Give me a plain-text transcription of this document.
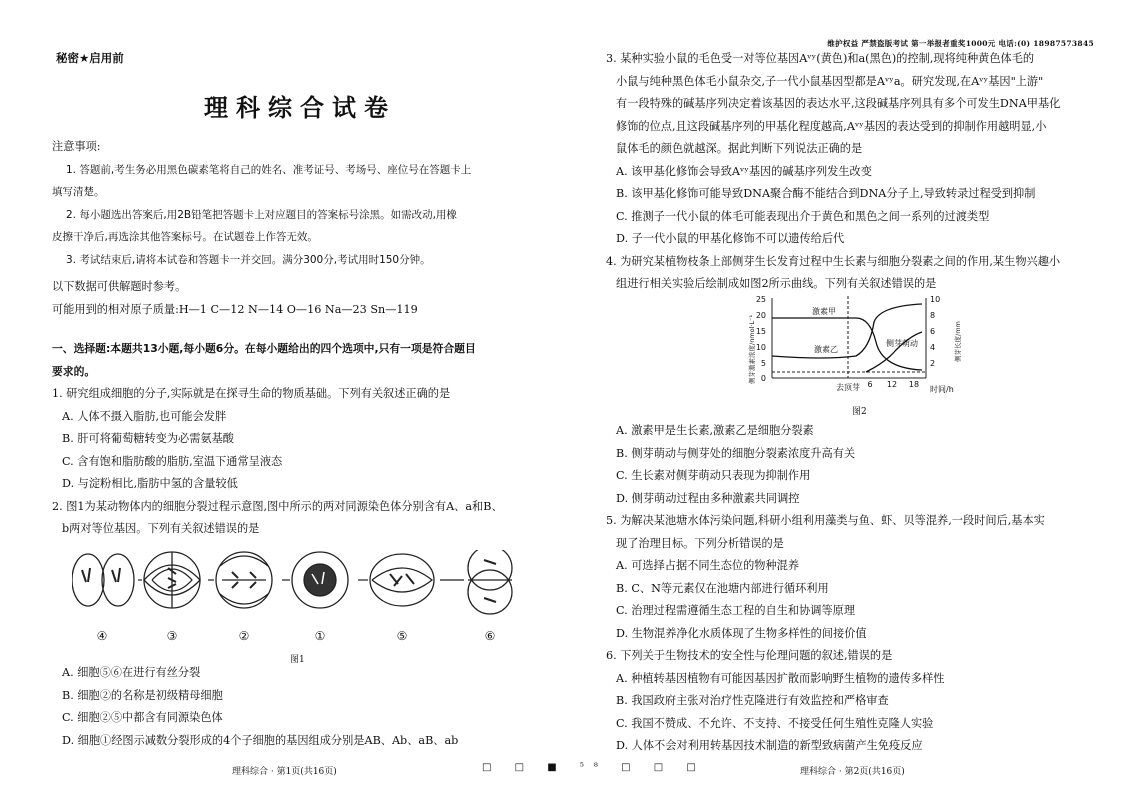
维护权益 严禁盗版考试 第一举报者重奖1000元 电话:(0) 18987573845
秘密★启用前
理科综合试卷

注意事项:

1. 答题前,考生务必用黑色碳素笔将自己的姓名、准考证号、考场号、座位号在答题卡上

填写清楚。

2. 每小题选出答案后,用2B铅笔把答题卡上对应题目的答案标号涂黑。如需改动,用橡

皮擦干净后,再选涂其他答案标号。在试题卷上作答无效。

3. 考试结束后,请将本试卷和答题卡一并交回。满分300分,考试用时150分钟。

以下数据可供解题时参考。

可能用到的相对原子质量:H—1 C—12 N—14 O—16 Na—23 Sn—119

一、选择题:本题共13小题,每小题6分。在每小题给出的四个选项中,只有一项是符合题目

要求的。

1. 研究组成细胞的分子,实际就是在探寻生命的物质基础。下列有关叙述正确的是

A. 人体不摄入脂肪,也可能会发胖

B. 肝可将葡萄糖转变为必需氨基酸

C. 含有饱和脂肪酸的脂肪,室温下通常呈液态

D. 与淀粉相比,脂肪中氢的含量较低

2. 图1为某动物体内的细胞分裂过程示意图,图中所示的两对同源染色体分别含有A、a和B、

b两对等位基因。下列有关叙述错误的是

A. 细胞⑤⑥在进行有丝分裂

B. 细胞②的名称是初级精母细胞

C. 细胞②⑤中都含有同源染色体

D. 细胞①经图示减数分裂形成的4个子细胞的基因组成分别是AB、Ab、aB、ab

④	③	②	①	⑤	⑥
图1

3. 某种实验小鼠的毛色受一对等位基因Aᵛʸ(黄色)和a(黑色)的控制,现将纯种黄色体毛的

小鼠与纯种黑色体毛小鼠杂交,子一代小鼠基因型都是Aᵛʸa。研究发现,在Aᵛʸ基因"上游"

有一段特殊的碱基序列决定着该基因的表达水平,这段碱基序列具有多个可发生DNA甲基化

修饰的位点,且这段碱基序列的甲基化程度越高,Aᵛʸ基因的表达受到的抑制作用越明显,小

鼠体毛的颜色就越深。据此判断下列说法正确的是

A. 该甲基化修饰会导致Aᵛʸ基因的碱基序列发生改变

B. 该甲基化修饰可能导致DNA聚合酶不能结合到DNA分子上,导致转录过程受到抑制

C. 推测子一代小鼠的体毛可能表现出介于黄色和黑色之间一系列的过渡类型

D. 子一代小鼠的甲基化修饰不可以遗传给后代

4. 为研究某植物枝条上部侧芽生长发育过程中生长素与细胞分裂素之间的作用,某生物兴趣小

组进行相关实验后绘制成如图2所示曲线。下列有关叙述错误的是

A. 激素甲是生长素,激素乙是细胞分裂素

B. 侧芽萌动与侧芽处的细胞分裂素浓度升高有关

C. 生长素对侧芽萌动只表现为抑制作用

D. 侧芽萌动过程由多种激素共同调控

5. 为解决某池塘水体污染问题,科研小组利用藻类与鱼、虾、贝等混养,一段时间后,基本实

现了治理目标。下列分析错误的是

A. 可选择占据不同生态位的物种混养

B. C、N等元素仅在池塘内部进行循环利用

C. 治理过程需遵循生态工程的自生和协调等原理

D. 生物混养净化水质体现了生物多样性的间接价值

6. 下列关于生物技术的安全性与伦理问题的叙述,错误的是

A. 种植转基因植物有可能因基因扩散而影响野生植物的遗传多样性

B. 我国政府主张对治疗性克隆进行有效监控和严格审查

C. 我国不赞成、不允许、不支持、不接受任何生殖性克隆人实验

D. 人体不会对利用转基因技术制造的新型致病菌产生免疫反应

激素甲
激素乙
侧芽萌动
时间/h
去顶芽
25
20
15
10
5
0
10
8
6
4
2
6 12 18
侧芽激素浓度/nmol·L⁻¹	侧芽长度/mm
图2
理科综合 · 第1页(共16页)	□ □ ■ ⁵⁸ □ □ □	理科综合 · 第2页(共16页)
